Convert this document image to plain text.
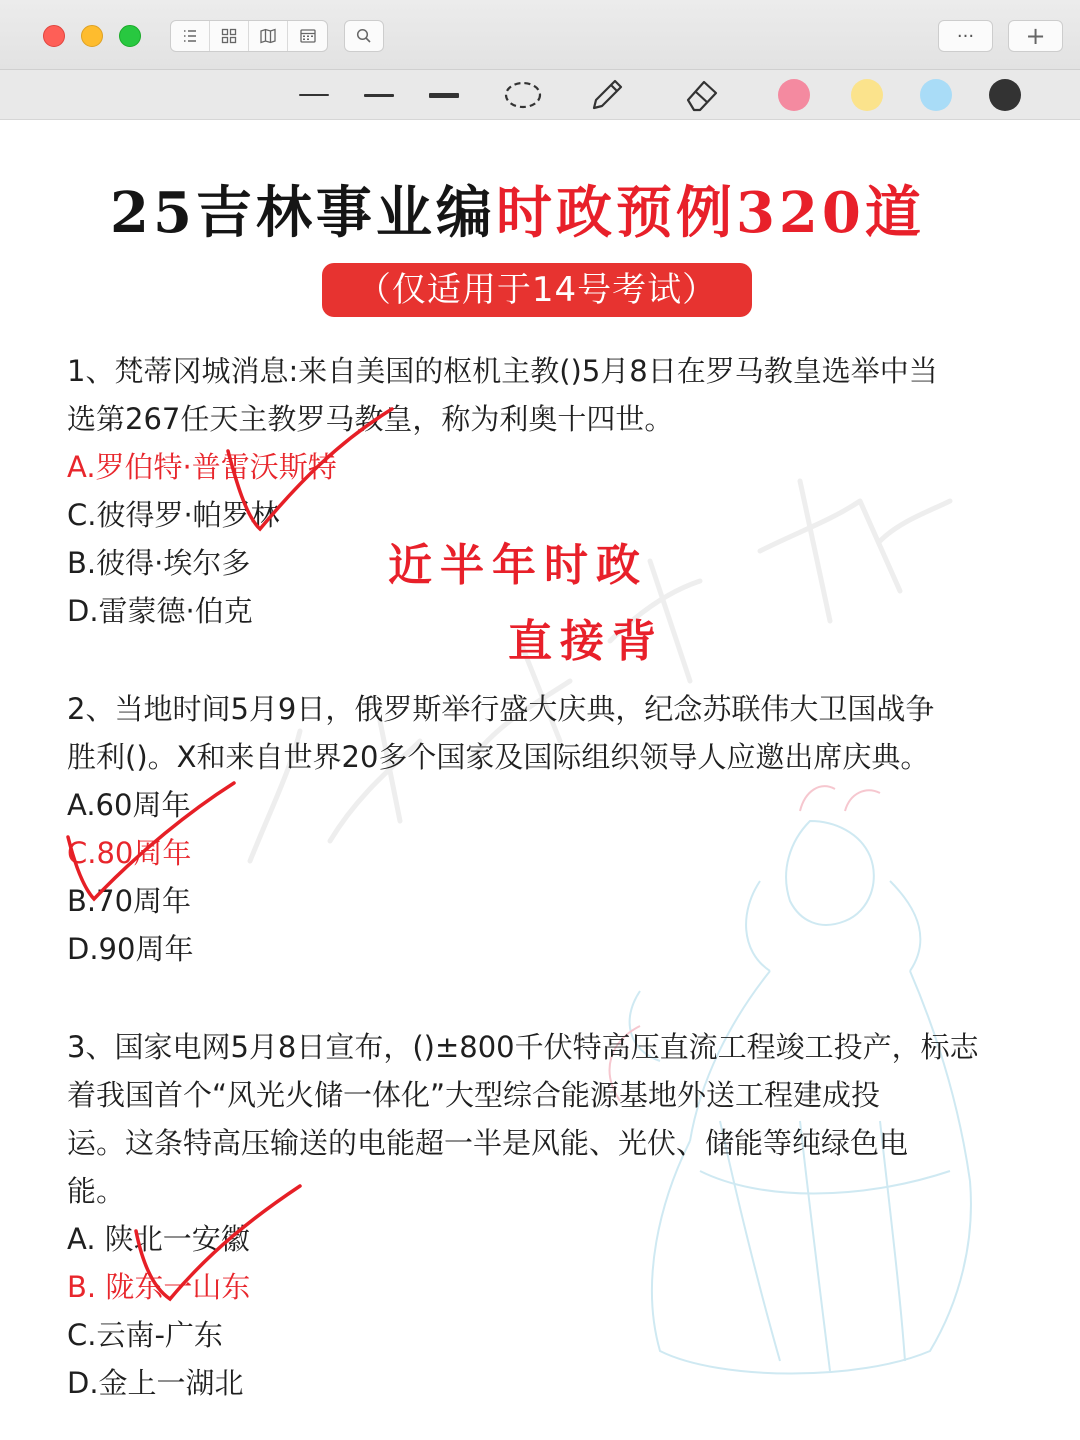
···	+
25吉林事业编时政预例320道
（仅适用于14号考试）
1、梵蒂冈城消息:来自美国的枢机主教()5月8日在罗马教皇选举中当
选第267任天主教罗马教皇，称为利奥十四世。
A.罗伯特·普雷沃斯特
C.彼得罗·帕罗林
B.彼得·埃尔多
D.雷蒙德·伯克
近半年时政
直接背
2、当地时间5月9日，俄罗斯举行盛大庆典，纪念苏联伟大卫国战争
胜利()。X和来自世界20多个国家及国际组织领导人应邀出席庆典。
A.60周年
C.80周年
B.70周年
D.90周年
3、国家电网5月8日宣布，()±800千伏特高压直流工程竣工投产，标志
着我国首个“风光火储一体化”大型综合能源基地外送工程建成投
运。这条特高压输送的电能超一半是风能、光伏、储能等纯绿色电
能。
A. 陕北一安徽
B. 陇东一山东
C.云南-广东
D.金上一湖北
